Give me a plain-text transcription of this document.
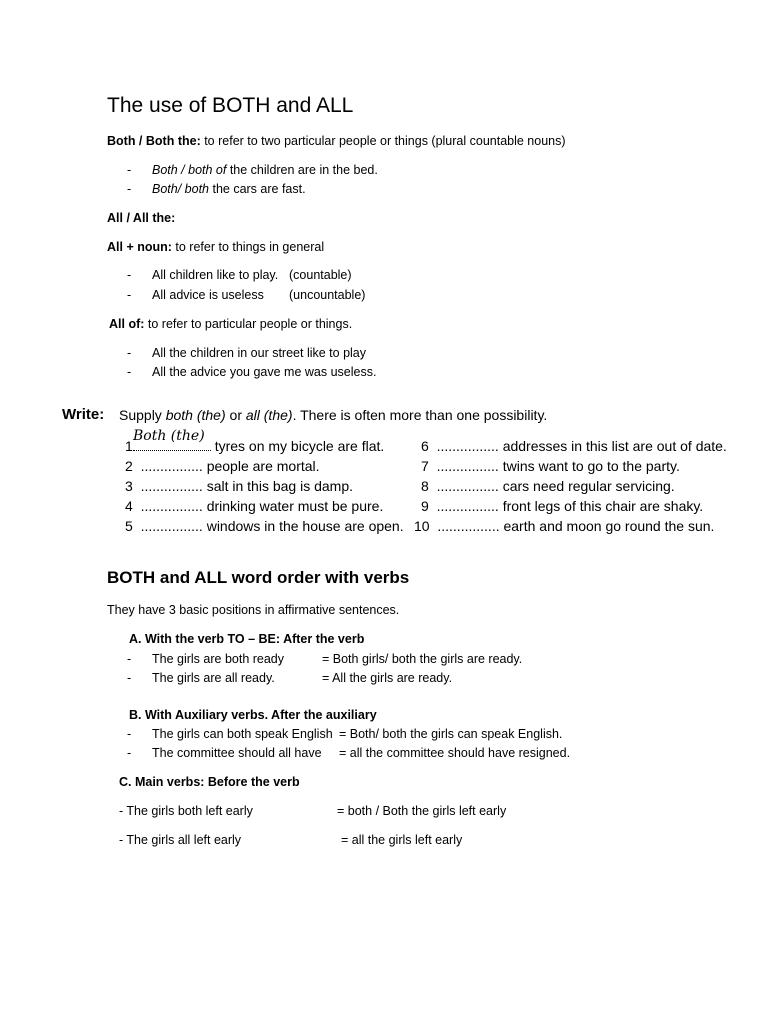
The use of BOTH and ALL
Both / Both the: to refer to two particular people or things (plural countable nouns)
- Both / both of the children are in the bed.
- Both/ both the cars are fast.
All / All the:
All + noun: to refer to things in general
- All children like to play. (countable)
- All advice is useless (uncountable)
All of: to refer to particular people or things.
- All the children in our street like to play
- All the advice you gave me was useless.
Write: Supply both (the) or all (the). There is often more than one possibility.
Both (the)
1	tyres on my bicycle are flat.
2 ................ people are mortal.
3 ................ salt in this bag is damp.
4 ................ drinking water must be pure.
5 ................ windows in the house are open.
6 ................ addresses in this list are out of date.
7 ................ twins want to go to the party.
8 ................ cars need regular servicing.
9 ................ front legs of this chair are shaky.
10 ................ earth and moon go round the sun.
BOTH and ALL word order with verbs
They have 3 basic positions in affirmative sentences.
A. With the verb TO – BE: After the verb
- The girls are both ready	= Both girls/ both the girls are ready.
- The girls are all ready.	= All the girls are ready.
B. With Auxiliary verbs. After the auxiliary
- The girls can both speak English = Both/ both the girls can speak English.
- The committee should all have = all the committee should have resigned.
C. Main verbs: Before the verb
- The girls both left early	= both / Both the girls left early
- The girls all left early	= all the girls left early
